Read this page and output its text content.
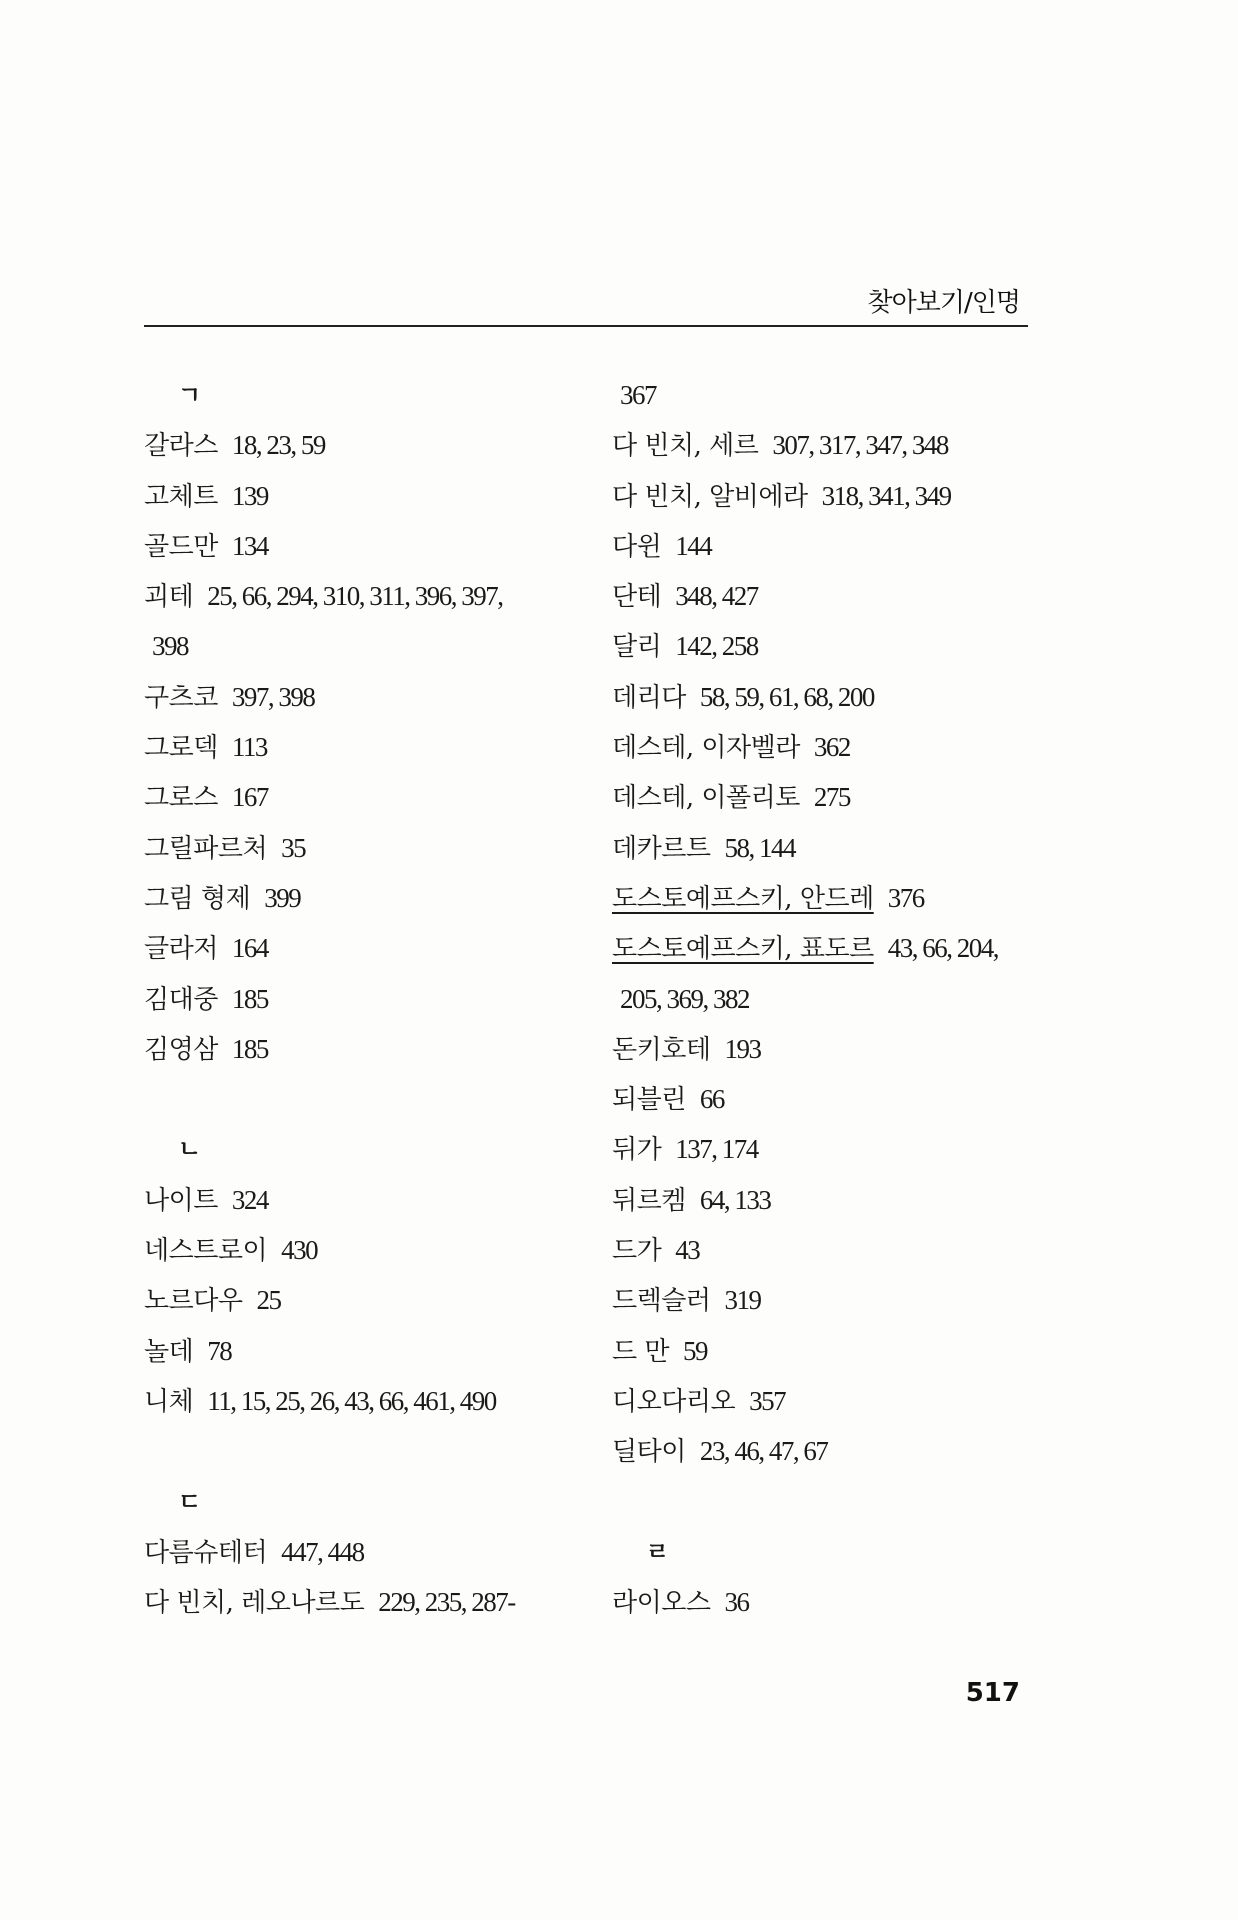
찾아보기/인명
ㄱ
갈라스 18, 23, 59
고체트 139
골드만 134
괴테 25, 66, 294, 310, 311, 396, 397,
398
구츠코 397, 398
그로덱 113
그로스 167
그릴파르처 35
그림 형제 399
글라저 164
김대중 185
김영삼 185
ㄴ
나이트 324
네스트로이 430
노르다우 25
놀데 78
니체 11, 15, 25, 26, 43, 66, 461, 490
ㄷ
다름슈테터 447, 448
다 빈치, 레오나르도 229, 235, 287-
367
다 빈치, 세르 307, 317, 347, 348
다 빈치, 알비에라 318, 341, 349
다윈 144
단테 348, 427
달리 142, 258
데리다 58, 59, 61, 68, 200
데스테, 이자벨라 362
데스테, 이폴리토 275
데카르트 58, 144
도스토예프스키, 안드레 376
도스토예프스키, 표도르 43, 66, 204,
205, 369, 382
돈키호테 193
되블린 66
뒤가 137, 174
뒤르켐 64, 133
드가 43
드렉슬러 319
드 만 59
디오다리오 357
딜타이 23, 46, 47, 67
ㄹ
라이오스 36
517
